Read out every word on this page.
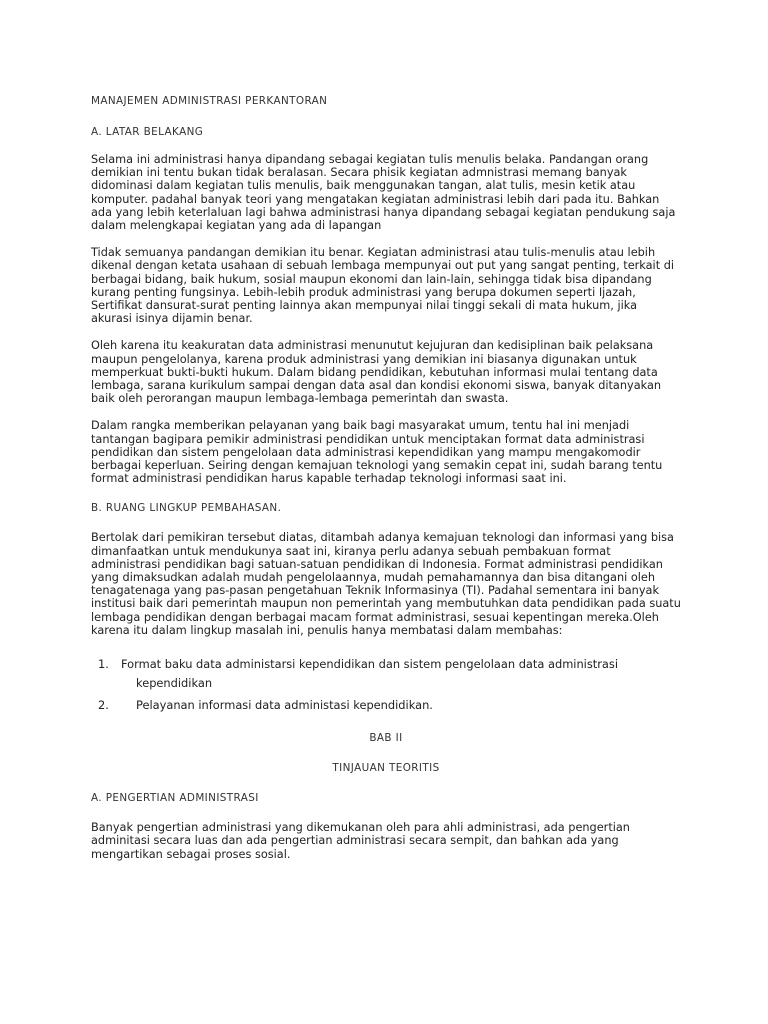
MANAJEMEN ADMINISTRASI PERKANTORAN
A. LATAR BELAKANG

Selama ini administrasi hanya dipandang sebagai kegiatan tulis menulis belaka. Pandangan orang demikian ini tentu bukan tidak beralasan. Secara phisik kegiatan admnistrasi memang banyak didominasi dalam kegiatan tulis menulis, baik menggunakan tangan, alat tulis, mesin ketik atau komputer. padahal banyak teori yang mengatakan kegiatan administrasi lebih dari pada itu. Bahkan ada yang lebih keterlaluan lagi bahwa administrasi hanya dipandang sebagai kegiatan pendukung saja dalam melengkapai kegiatan yang ada di lapangan

Tidak semuanya pandangan demikian itu benar. Kegiatan administrasi atau tulis-menulis atau lebih dikenal dengan ketata usahaan di sebuah lembaga mempunyai out put yang sangat penting, terkait di berbagai bidang, baik hukum, sosial maupun ekonomi dan lain-lain, sehingga tidak bisa dipandang kurang penting fungsinya. Lebih-lebih produk administrasi yang berupa dokumen seperti Ijazah, Sertifikat dansurat-surat penting lainnya akan mempunyai nilai tinggi sekali di mata hukum, jika akurasi isinya dijamin benar.

Oleh karena itu keakuratan data administrasi menunutut kejujuran dan kedisiplinan baik pelaksana maupun pengelolanya, karena produk administrasi yang demikian ini biasanya digunakan untuk memperkuat bukti-bukti hukum. Dalam bidang pendidikan, kebutuhan informasi mulai tentang data lembaga, sarana kurikulum sampai dengan data asal dan kondisi ekonomi siswa, banyak ditanyakan baik oleh perorangan maupun lembaga-lembaga pemerintah dan swasta.

Dalam rangka memberikan pelayanan yang baik bagi masyarakat umum, tentu hal ini menjadi tantangan bagipara pemikir administrasi pendidikan untuk menciptakan format data administrasi pendidikan dan sistem pengelolaan data administrasi kependidikan yang mampu mengakomodir berbagai keperluan. Seiring dengan kemajuan teknologi yang semakin cepat ini, sudah barang tentu format administrasi pendidikan harus kapable terhadap teknologi informasi saat ini.

B. RUANG LINGKUP PEMBAHASAN.

Bertolak dari pemikiran tersebut diatas, ditambah adanya kemajuan teknologi dan informasi yang bisa dimanfaatkan untuk mendukunya saat ini, kiranya perlu adanya sebuah pembakuan format administrasi pendidikan bagi satuan-satuan pendidikan di Indonesia. Format administrasi pendidikan yang dimaksudkan adalah mudah pengelolaannya, mudah pemahamannya dan bisa ditangani oleh tenagatenaga yang pas-pasan pengetahuan Teknik Informasinya (TI). Padahal sementara ini banyak institusi baik dari pemerintah maupun non pemerintah yang membutuhkan data pendidikan pada suatu lembaga pendidikan dengan berbagai macam format administrasi, sesuai kepentingan mereka.Oleh karena itu dalam lingkup masalah ini, penulis hanya membatasi dalam membahas:

1.	Format baku data administarsi kependidikan dan sistem pengelolaan data administrasi kependidikan
2.	Pelayanan informasi data administasi kependidikan.
BAB II
TINJAUAN TEORITIS
A. PENGERTIAN ADMINISTRASI

Banyak pengertian administrasi yang dikemukanan oleh para ahli administrasi, ada pengertian adminitasi secara luas dan ada pengertian administrasi secara sempit, dan bahkan ada yang mengartikan sebagai proses sosial.
